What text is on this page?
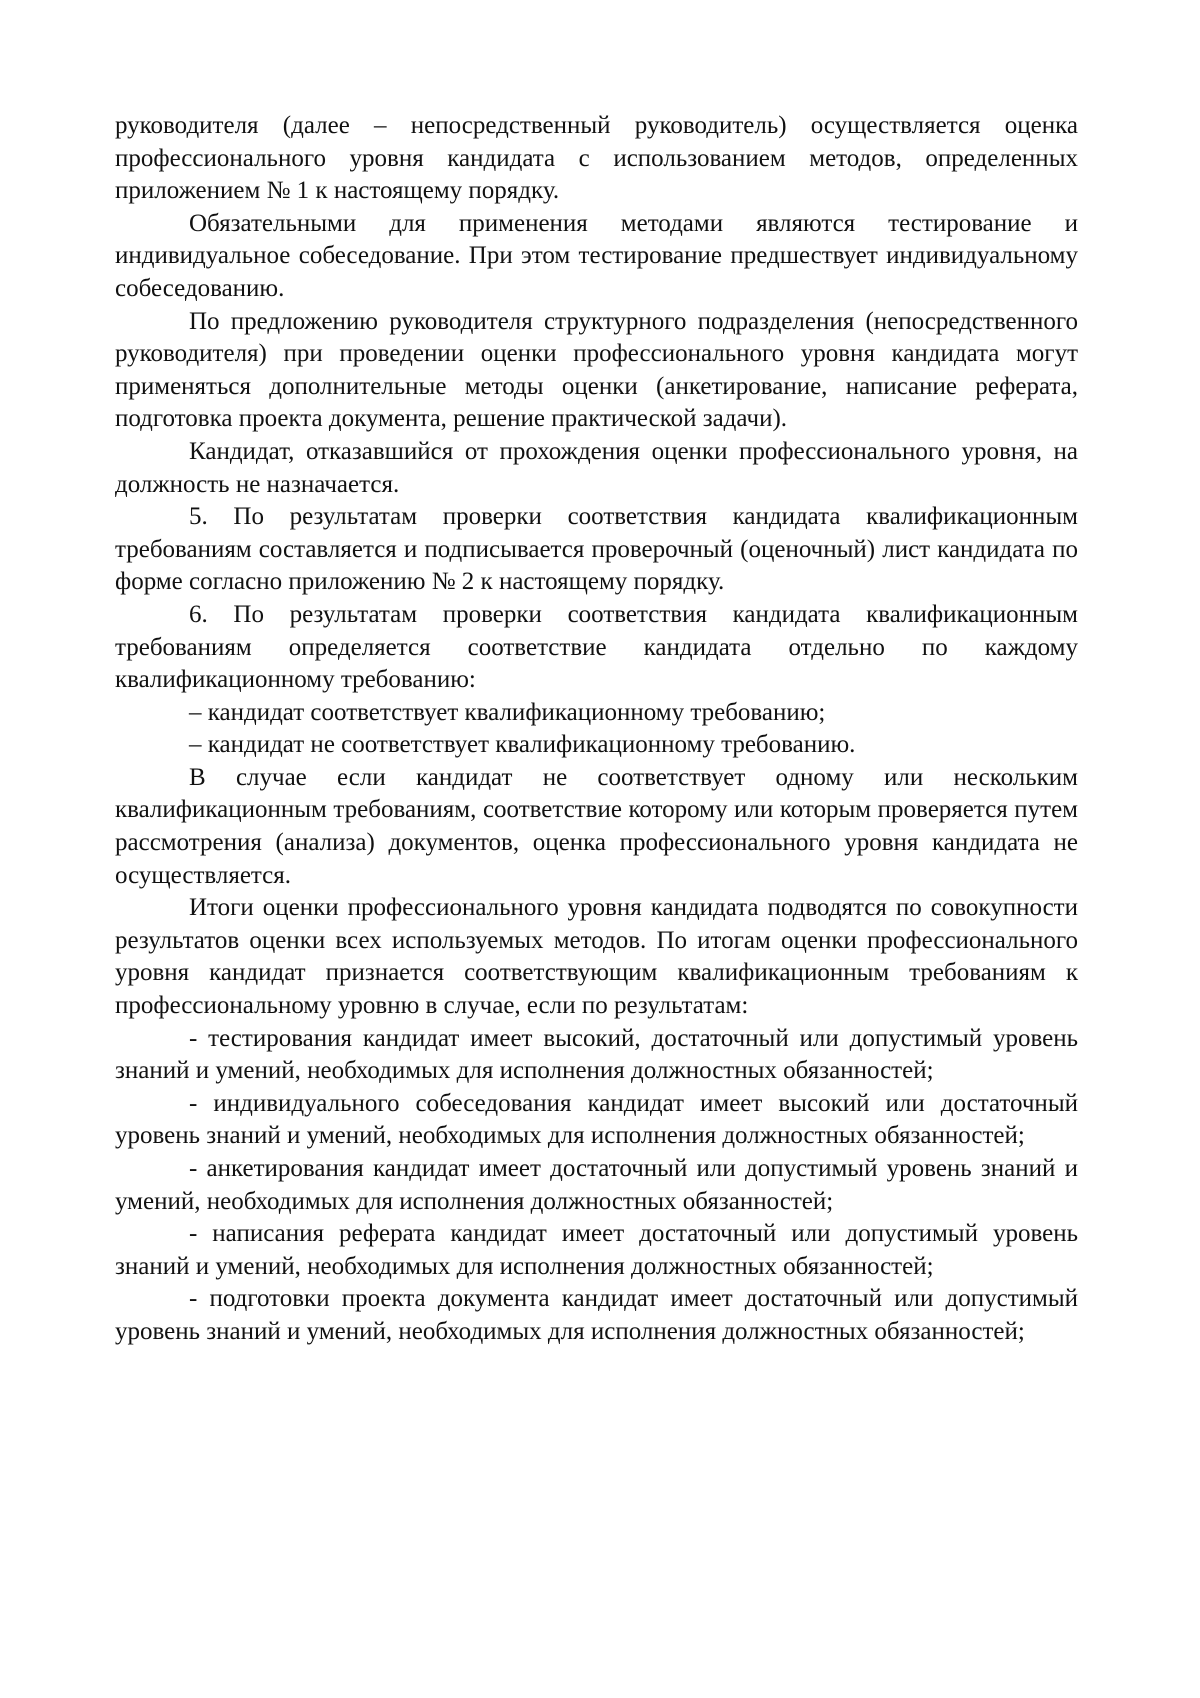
руководителя (далее – непосредственный руководитель) осуществляется оценка профессионального уровня кандидата с использованием методов, определенных приложением № 1 к настоящему порядку.

Обязательными для применения методами являются тестирование и индивидуальное собеседование. При этом тестирование предшествует индивидуальному собеседованию.

По предложению руководителя структурного подразделения (непосредственного руководителя) при проведении оценки профессионального уровня кандидата могут применяться дополнительные методы оценки (анкетирование, написание реферата, подготовка проекта документа, решение практической задачи).

Кандидат, отказавшийся от прохождения оценки профессионального уровня, на должность не назначается.

5. По результатам проверки соответствия кандидата квалификационным требованиям составляется и подписывается проверочный (оценочный) лист кандидата по форме согласно приложению № 2 к настоящему порядку.

6. По результатам проверки соответствия кандидата квалификационным требованиям определяется соответствие кандидата отдельно по каждому квалификационному требованию:

– кандидат соответствует квалификационному требованию;

– кандидат не соответствует квалификационному требованию.

В случае если кандидат не соответствует одному или нескольким квалификационным требованиям, соответствие которому или которым проверяется путем рассмотрения (анализа) документов, оценка профессионального уровня кандидата не осуществляется.

Итоги оценки профессионального уровня кандидата подводятся по совокупности результатов оценки всех используемых методов. По итогам оценки профессионального уровня кандидат признается соответствующим квалификационным требованиям к профессиональному уровню в случае, если по результатам:

- тестирования кандидат имеет высокий, достаточный или допустимый уровень знаний и умений, необходимых для исполнения должностных обязанностей;

- индивидуального собеседования кандидат имеет высокий или достаточный уровень знаний и умений, необходимых для исполнения должностных обязанностей;

- анкетирования кандидат имеет достаточный или допустимый уровень знаний и умений, необходимых для исполнения должностных обязанностей;

- написания реферата кандидат имеет достаточный или допустимый уровень знаний и умений, необходимых для исполнения должностных обязанностей;

- подготовки проекта документа кандидат имеет достаточный или допустимый уровень знаний и умений, необходимых для исполнения должностных обязанностей;
